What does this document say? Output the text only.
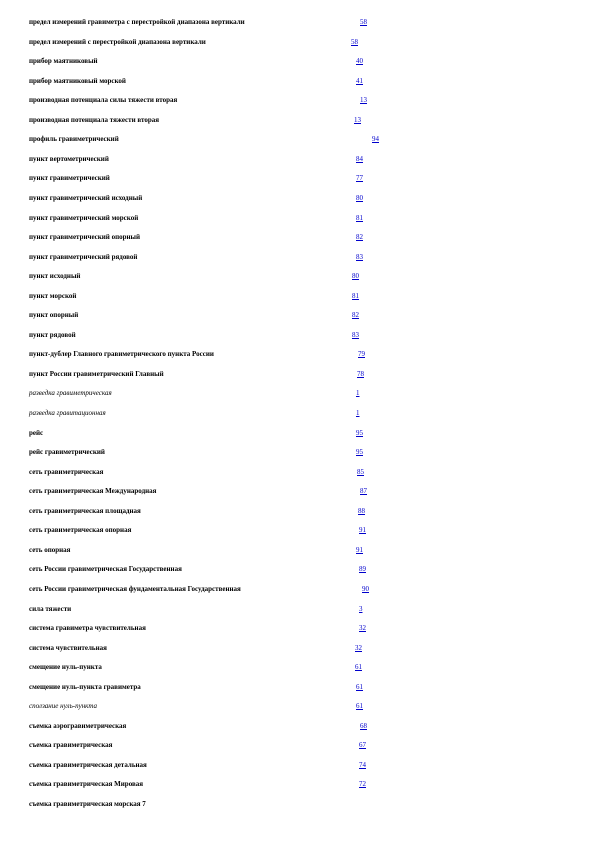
предел измерений гравиметра с перестройкой диапазона вертикали	58
предел измерений с перестройкой диапазона вертикали	58
прибор маятниковый	40
прибор маятниковый морской	41
производная потенциала силы тяжести вторая	13
производная потенциала тяжести вторая	13
профиль гравиметрический	94
пункт вертометрический	84
пункт гравиметрический	77
пункт гравиметрический исходный	80
пункт гравиметрический морской	81
пункт гравиметрический опорный	82
пункт гравиметрический рядовой	83
пункт исходный	80
пункт морской	81
пункт опорный	82
пункт рядовой	83
пункт-дублер Главного гравиметрического пункта России	79
пункт России гравиметрический Главный	78
разведка гравиметрическая	1
разведка гравитационная	1
рейс	95
рейс гравиметрический	95
сеть гравиметрическая	85
сеть гравиметрическая Международная	87
сеть гравиметрическая площадная	88
сеть гравиметрическая опорная	91
сеть опорная	91
сеть России гравиметрическая Государственная	89
сеть России гравиметрическая фундаментальная Государственная	90
сила тяжести	3
система гравиметра чувствительная	32
система чувствительная	32
смещение нуль-пункта	61
смещение нуль-пункта гравиметра	61
сползание нуль-пункта	61
съемка аэрогравиметрическая	68
съемка гравиметрическая	67
съемка гравиметрическая детальная	74
съемка гравиметрическая Мировая	72
съемка гравиметрическая морская 7
